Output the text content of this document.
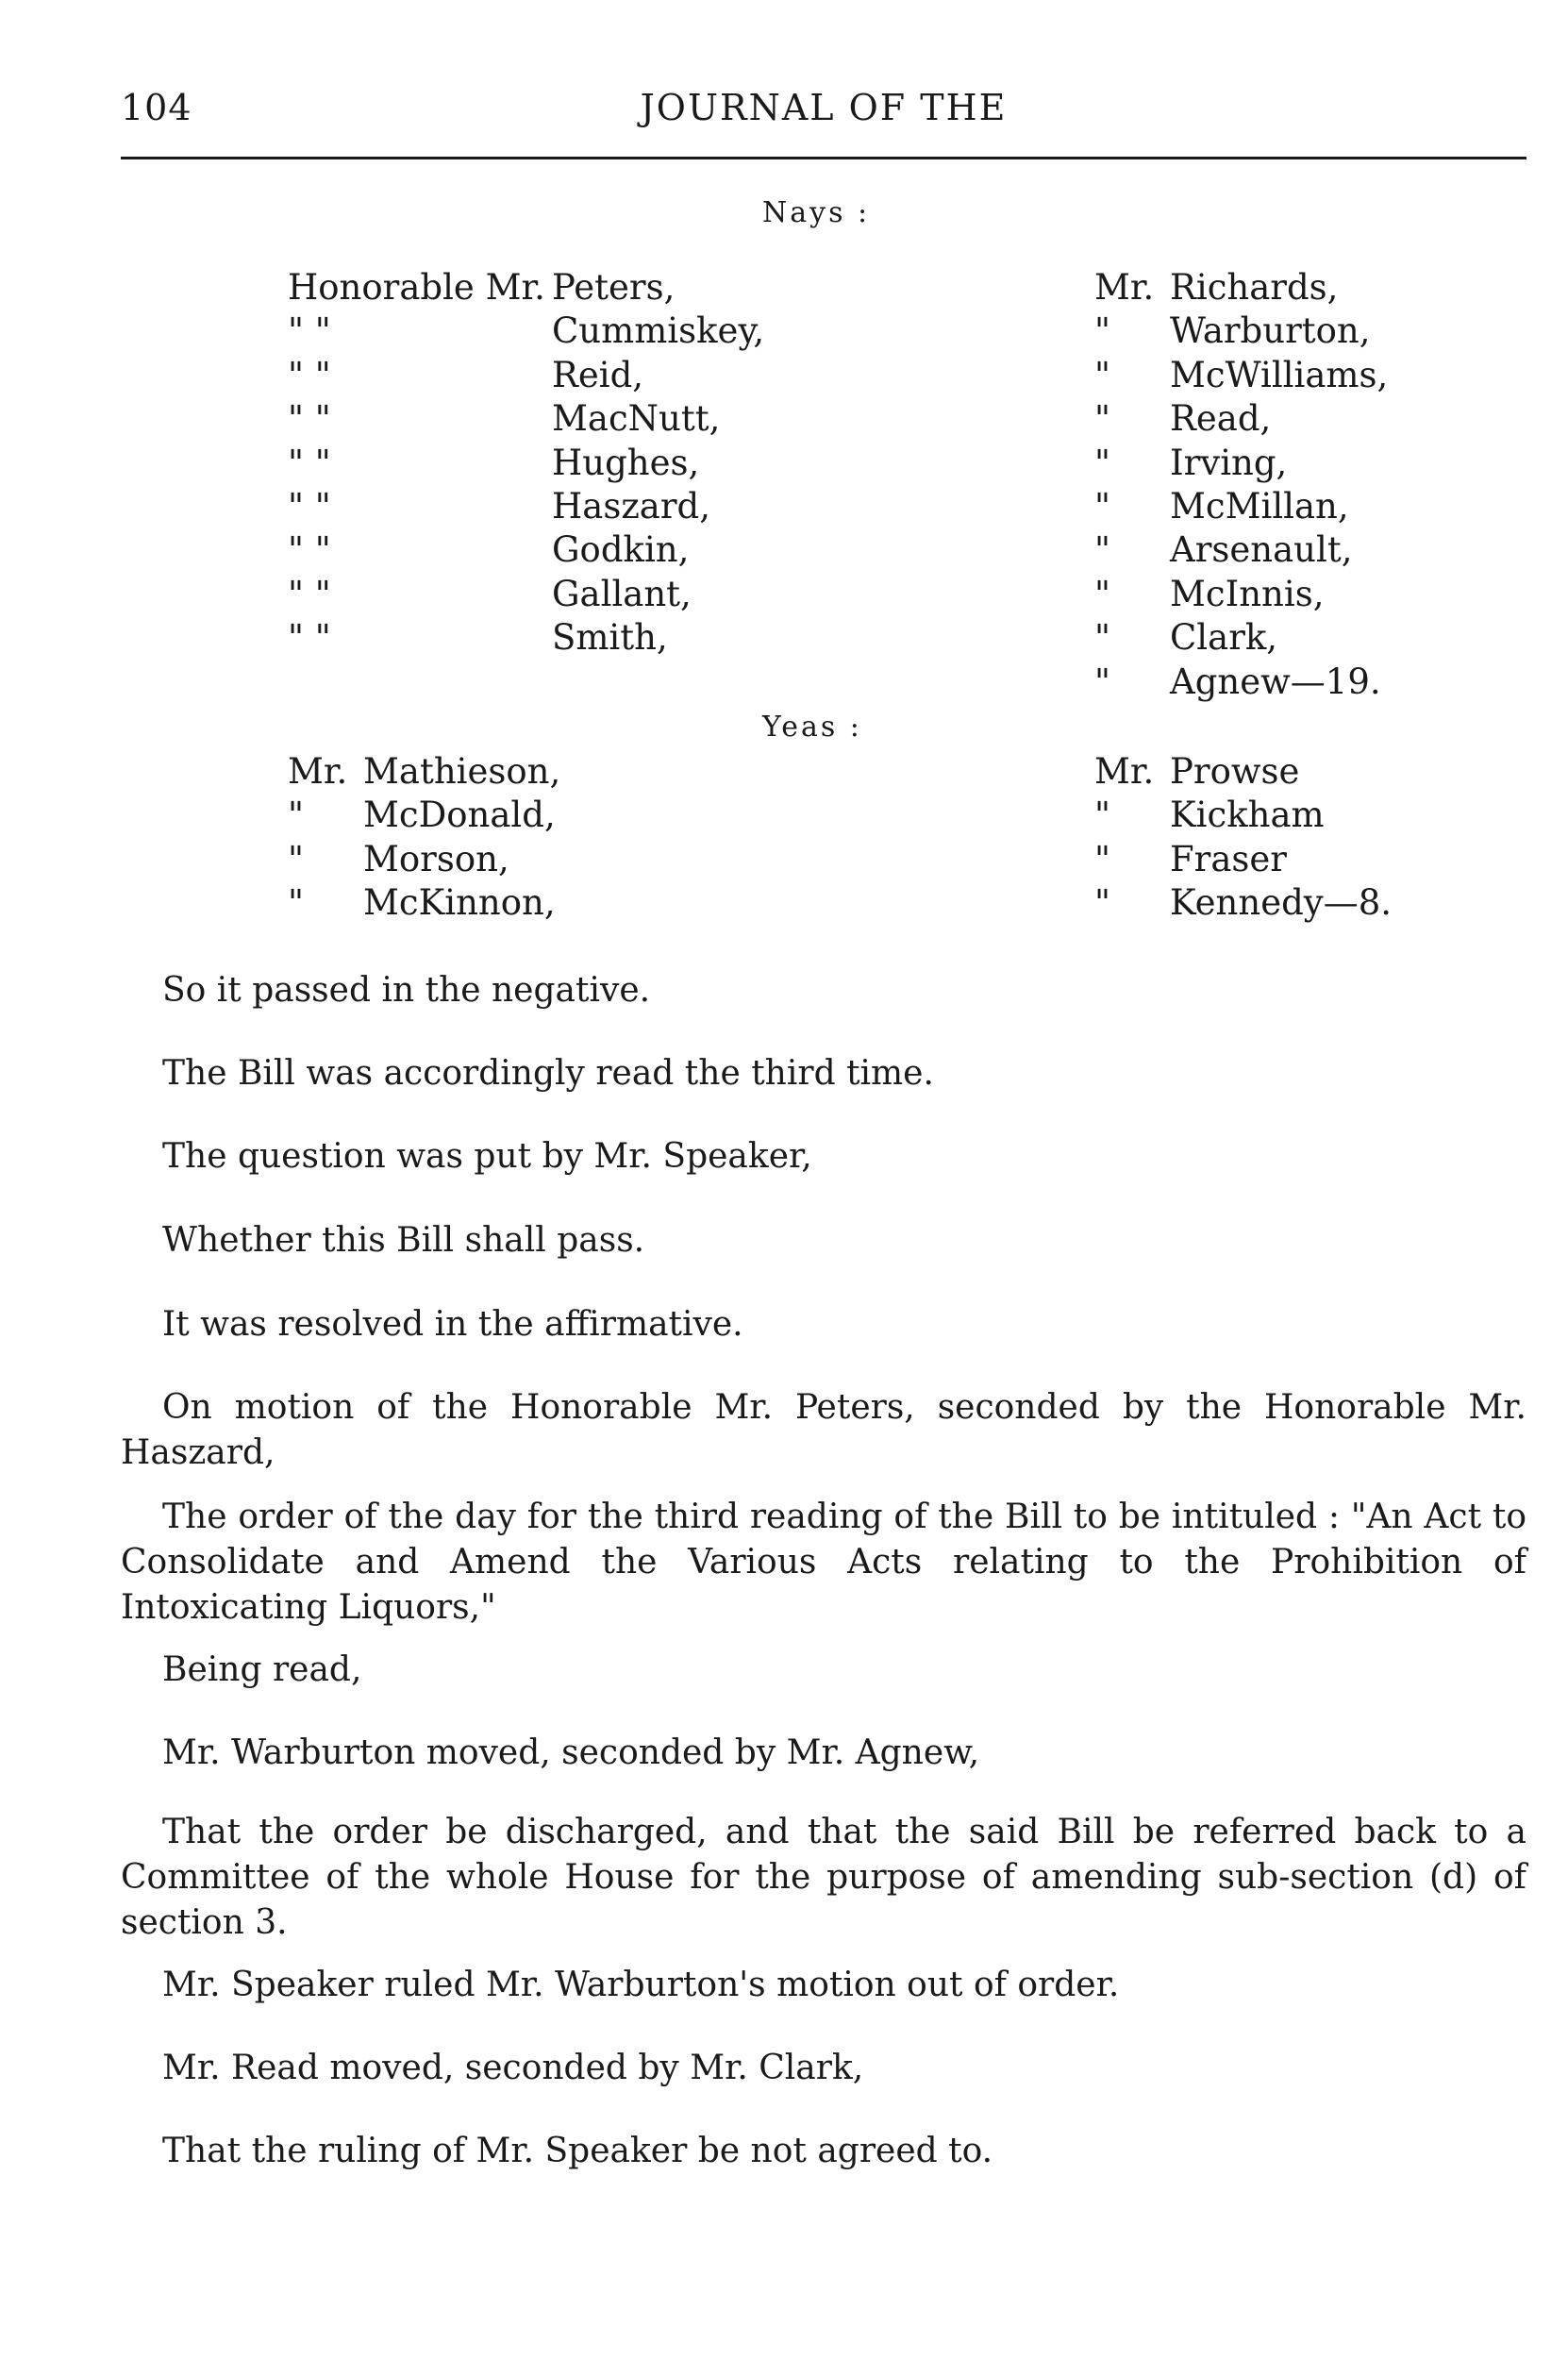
104	JOURNAL OF THE
Nays :
Honorable Mr. Peters,
" "	Cummiskey,
" "	Reid,
" "	MacNutt,
" "	Hughes,
" "	Haszard,
" "	Godkin,
" "	Gallant,
" "	Smith,
Mr. Richards,
" Warburton,
" McWilliams,
" Read,
" Irving,
" McMillan,
" Arsenault,
" McInnis,
" Clark,
" Agnew—19.
Yeas :
Mr. Mathieson,
" McDonald,
" Morson,
" McKinnon,
Mr. Prowse
" Kickham
" Fraser
" Kennedy—8.

So it passed in the negative.

The Bill was accordingly read the third time.

The question was put by Mr. Speaker,

Whether this Bill shall pass.

It was resolved in the affirmative.

On motion of the Honorable Mr. Peters, seconded by the Honorable Mr. Haszard,

The order of the day for the third reading of the Bill to be intituled : "An Act to Consolidate and Amend the Various Acts relating to the Prohibition of Intoxicating Liquors,"

Being read,

Mr. Warburton moved, seconded by Mr. Agnew,

That the order be discharged, and that the said Bill be referred back to a Committee of the whole House for the purpose of amending sub-section (d) of section 3.

Mr. Speaker ruled Mr. Warburton's motion out of order.

Mr. Read moved, seconded by Mr. Clark,

That the ruling of Mr. Speaker be not agreed to.
